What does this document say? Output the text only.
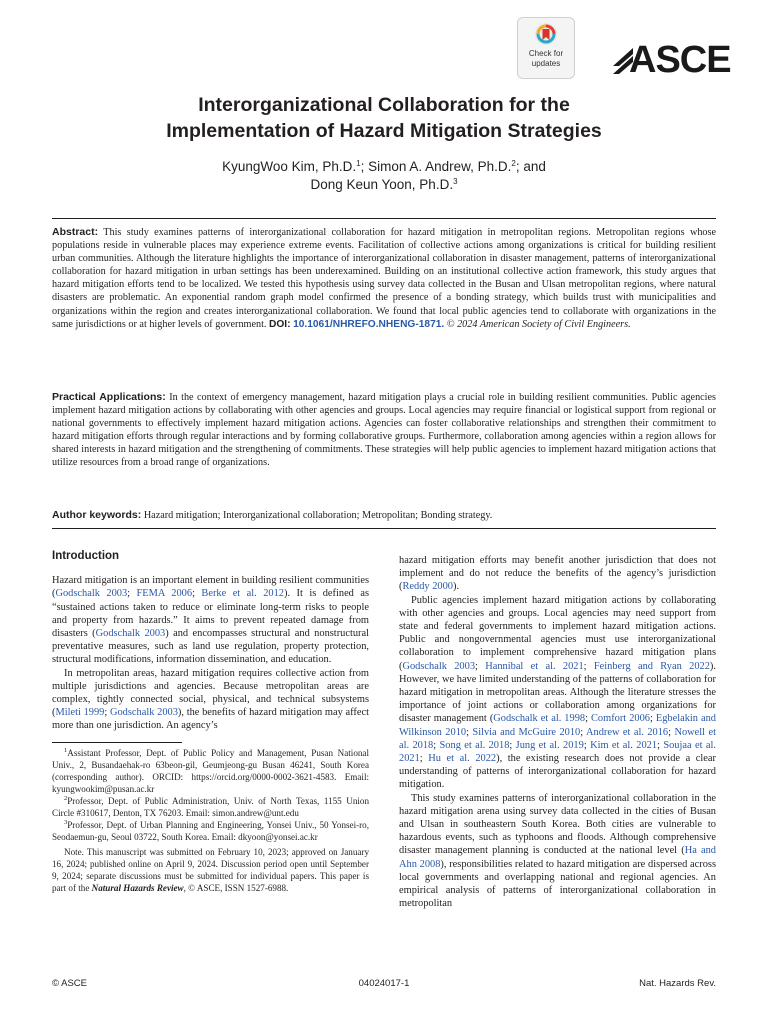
Check for
updates	ASCE
Interorganizational Collaboration for the
Implementation of Hazard Mitigation Strategies
KyungWoo Kim, Ph.D.$^1$; Simon A. Andrew, Ph.D.$^2$; and
Dong Keun Yoon, Ph.D.$^3$
Abstract: This study examines patterns of interorganizational collaboration for hazard mitigation in metropolitan regions. Metropolitan regions whose populations reside in vulnerable places may experience extreme events. Facilitation of collective actions among organizations is critical for building resilient urban communities. Although the literature highlights the importance of interorganizational collaboration in disaster management, patterns of interorganizational collaboration for hazard mitigation in urban settings has been underexamined. Building on an institutional collective action framework, this study argues that hazard mitigation efforts tend to be localized. We tested this hypothesis using survey data collected in the Busan and Ulsan metropolitan regions, where natural disasters are problematic. An exponential random graph model confirmed the presence of a bonding strategy, which builds trust with municipalities and organizations within the region and creates interorganizational collaboration. We found that local public agencies tend to collaborate with organizations in the same jurisdictions or at higher levels of government. DOI: 10.1061/NHREFO.NHENG-1871. © 2024 American Society of Civil Engineers.
Practical Applications: In the context of emergency management, hazard mitigation plays a crucial role in building resilient communities. Public agencies implement hazard mitigation actions by collaborating with other agencies and groups. Local agencies may require financial or logistical support from regional or national governments to effectively implement hazard mitigation actions. Agencies can foster collaborative relationships and strengthen their commitment to hazard mitigation efforts through regular interactions and by forming collaborative groups. Furthermore, collaboration among agencies within a region allows for shared interests in hazard mitigation and the strengthening of commitments. These strategies will help public agencies to implement hazard mitigation actions that utilize resources from a broad range of organizations.
Author keywords: Hazard mitigation; Interorganizational collaboration; Metropolitan; Bonding strategy.
Introduction

Hazard mitigation is an important element in building resilient communities (Godschalk 2003; FEMA 2006; Berke et al. 2012). It is defined as “sustained actions taken to reduce or eliminate long-term risks to people and property from hazards.” It aims to prevent repeated damage from disasters (Godschalk 2003) and encompasses structural and nonstructural preventative measures, such as land use regulation, property protection, structural modifications, information dissemination, and education.

In metropolitan areas, hazard mitigation requires collective action from multiple jurisdictions and agencies. Because metropolitan areas are complex, tightly connected social, physical, and technical subsystems (Mileti 1999; Godschalk 2003), the benefits of hazard mitigation may affect more than one jurisdiction. An agency’s

$^1$Assistant Professor, Dept. of Public Policy and Management, Pusan National Univ., 2, Busandaehak-ro 63beon-gil, Geumjeong-gu Busan 46241, South Korea (corresponding author). ORCID: https://orcid.org/0000-0002-3621-4583. Email: kyungwookim@pusan.ac.kr

$^2$Professor, Dept. of Public Administration, Univ. of North Texas, 1155 Union Circle #310617, Denton, TX 76203. Email: simon.andrew@unt.edu

$^3$Professor, Dept. of Urban Planning and Engineering, Yonsei Univ., 50 Yonsei-ro, Seodaemun-gu, Seoul 03722, South Korea. Email: dkyoon@yonsei.ac.kr

Note. This manuscript was submitted on February 10, 2023; approved on January 16, 2024; published online on April 9, 2024. Discussion period open until September 9, 2024; separate discussions must be submitted for individual papers. This paper is part of the Natural Hazards Review, © ASCE, ISSN 1527-6988.

hazard mitigation efforts may benefit another jurisdiction that does not implement and do not reduce the benefits of the agency’s jurisdiction (Reddy 2000).

Public agencies implement hazard mitigation actions by collaborating with other agencies and groups. Local agencies may need support from state and federal governments to implement hazard mitigation actions. Public and nongovernmental agencies must use interorganizational collaboration to implement comprehensive hazard mitigation plans (Godschalk 2003; Hannibal et al. 2021; Feinberg and Ryan 2022). However, we have limited understanding of the patterns of collaboration for hazard mitigation in metropolitan areas. Although the literature stresses the importance of joint actions or collaboration among organizations for disaster management (Godschalk et al. 1998; Comfort 2006; Egbelakin and Wilkinson 2010; Silvia and McGuire 2010; Andrew et al. 2016; Nowell et al. 2018; Song et al. 2018; Jung et al. 2019; Kim et al. 2021; Soujaa et al. 2021; Hu et al. 2022), the existing research does not provide a clear understanding of patterns of interorganizational collaboration for hazard mitigation.

This study examines patterns of interorganizational collaboration in the hazard mitigation arena using survey data collected in the cities of Busan and Ulsan in southeastern South Korea. Both cities are vulnerable to hazardous events, such as typhoons and floods. Although comprehensive disaster management planning is conducted at the national level (Ha and Ahn 2008), responsibilities related to hazard mitigation are dispersed across local governments and overlapping national and regional agencies. An empirical analysis of patterns of interorganizational collaboration in metropolitan

© ASCE	04024017-1	Nat. Hazards Rev.
